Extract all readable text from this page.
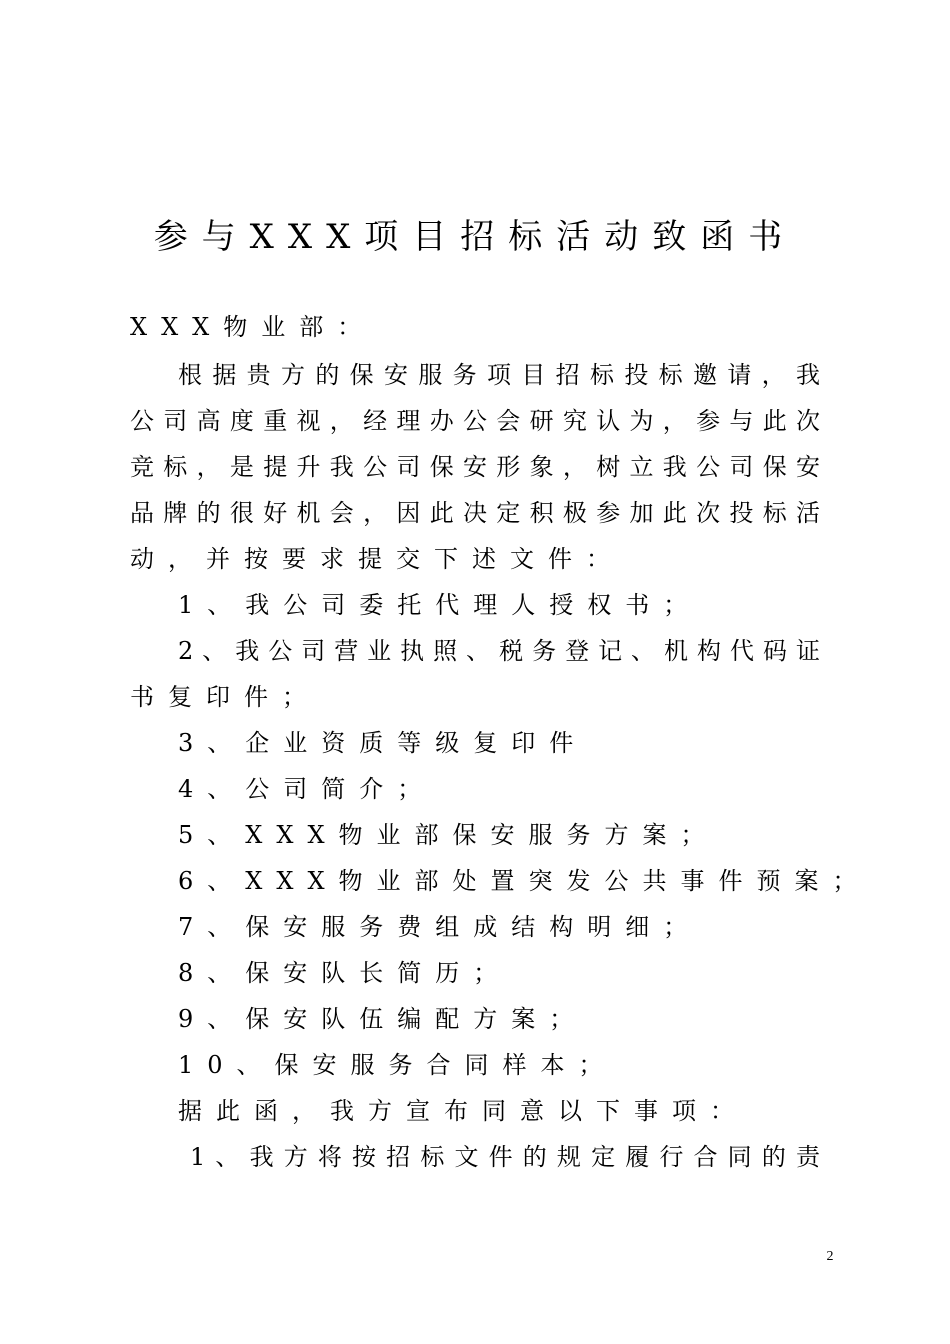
参与XXX项目招标活动致函书
XXX物业部：
根据贵方的保安服务项目招标投标邀请，我
公司高度重视，经理办公会研究认为，参与此次
竞标，是提升我公司保安形象，树立我公司保安
品牌的很好机会，因此决定积极参加此次投标活
动，并按要求提交下述文件：
1、我公司委托代理人授权书；
2、我公司营业执照、税务登记、机构代码证
书复印件；
3、企业资质等级复印件
4、公司简介；
5、XXX物业部保安服务方案；
6、XXX物业部处置突发公共事件预案；
7、保安服务费组成结构明细；
8、保安队长简历；
9、保安队伍编配方案；
10、保安服务合同样本；
据此函，我方宣布同意以下事项：
1、我方将按招标文件的规定履行合同的责
2
